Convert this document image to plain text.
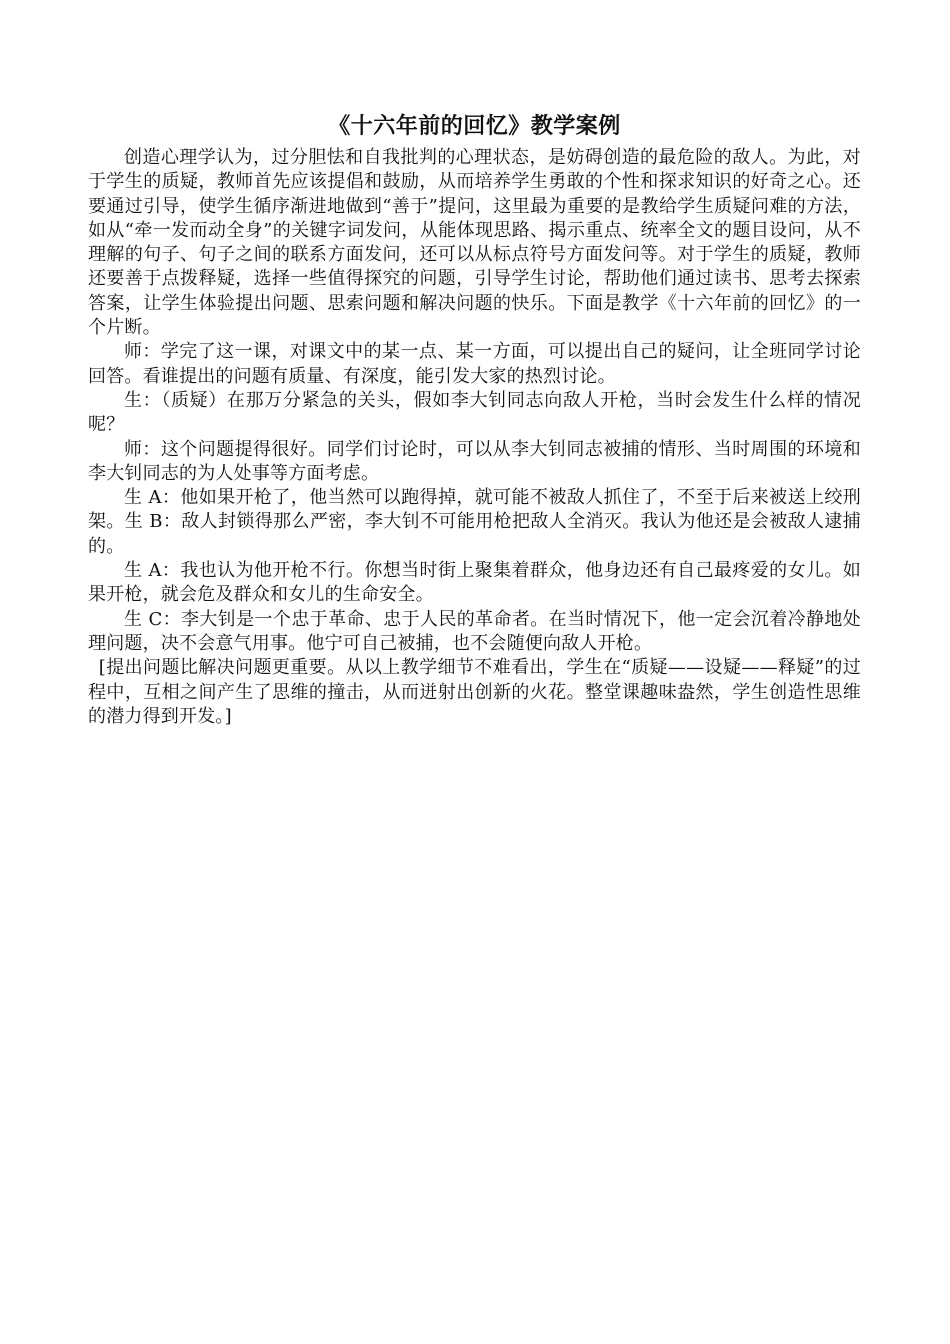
《十六年前的回忆》教学案例

创造心理学认为，过分胆怯和自我批判的心理状态，是妨碍创造的最危险的敌人。为此，对于学生的质疑，教师首先应该提倡和鼓励，从而培养学生勇敢的个性和探求知识的好奇之心。还要通过引导，使学生循序渐进地做到“善于”提问，这里最为重要的是教给学生质疑问难的方法，如从“牵一发而动全身”的关键字词发问，从能体现思路、揭示重点、统率全文的题目设问，从不理解的句子、句子之间的联系方面发问，还可以从标点符号方面发问等。对于学生的质疑，教师还要善于点拨释疑，选择一些值得探究的问题，引导学生讨论，帮助他们通过读书、思考去探索答案，让学生体验提出问题、思索问题和解决问题的快乐。下面是教学《十六年前的回忆》的一个片断。

师：学完了这一课，对课文中的某一点、某一方面，可以提出自己的疑问，让全班同学讨论回答。看谁提出的问题有质量、有深度，能引发大家的热烈讨论。

生：（质疑）在那万分紧急的关头，假如李大钊同志向敌人开枪，当时会发生什么样的情况呢？

师：这个问题提得很好。同学们讨论时，可以从李大钊同志被捕的情形、当时周围的环境和李大钊同志的为人处事等方面考虑。

生 A：他如果开枪了，他当然可以跑得掉，就可能不被敌人抓住了，不至于后来被送上绞刑架。生 B：敌人封锁得那么严密，李大钊不可能用枪把敌人全消灭。我认为他还是会被敌人逮捕的。

生 A：我也认为他开枪不行。你想当时街上聚集着群众，他身边还有自己最疼爱的女儿。如果开枪，就会危及群众和女儿的生命安全。

生 C：李大钊是一个忠于革命、忠于人民的革命者。在当时情况下，他一定会沉着冷静地处理问题，决不会意气用事。他宁可自己被捕，也不会随便向敌人开枪。

[提出问题比解决问题更重要。从以上教学细节不难看出，学生在“质疑——设疑——释疑”的过程中，互相之间产生了思维的撞击，从而迸射出创新的火花。整堂课趣味盎然，学生创造性思维的潜力得到开发。]
